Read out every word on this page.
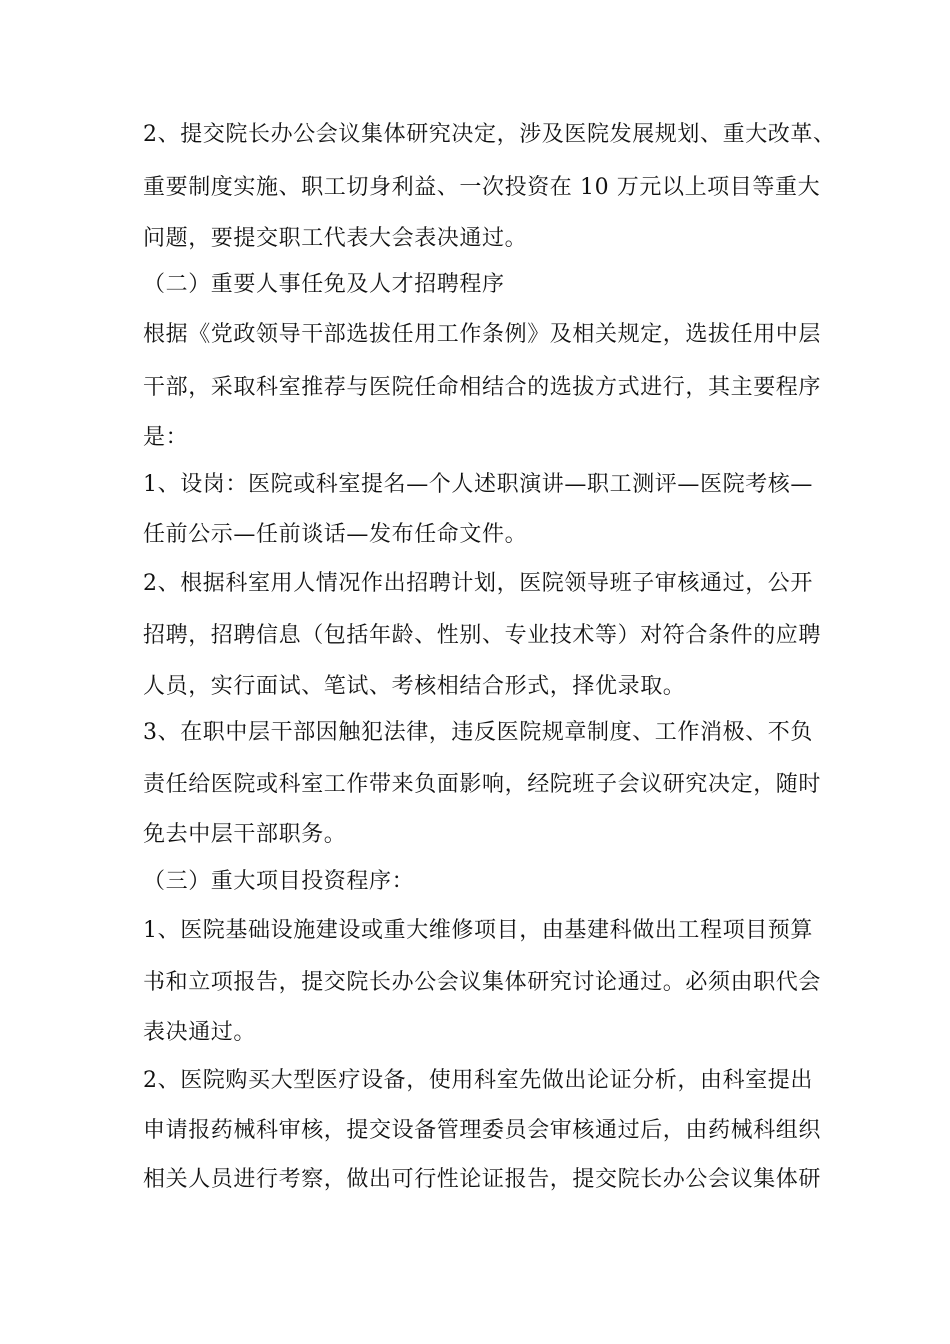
2、提交院长办公会议集体研究决定，涉及医院发展规划、重大改革、
重要制度实施、职工切身利益、一次投资在 10 万元以上项目等重大
问题，要提交职工代表大会表决通过。
（二）重要人事任免及人才招聘程序
根据《党政领导干部选拔任用工作条例》及相关规定，选拔任用中层
干部，采取科室推荐与医院任命相结合的选拔方式进行，其主要程序
是：
1、设岗：医院或科室提名—个人述职演讲—职工测评—医院考核—
任前公示—任前谈话—发布任命文件。
2、根据科室用人情况作出招聘计划，医院领导班子审核通过，公开
招聘，招聘信息（包括年龄、性别、专业技术等）对符合条件的应聘
人员，实行面试、笔试、考核相结合形式，择优录取。
3、在职中层干部因触犯法律，违反医院规章制度、工作消极、不负
责任给医院或科室工作带来负面影响，经院班子会议研究决定，随时
免去中层干部职务。
（三）重大项目投资程序：
1、医院基础设施建设或重大维修项目，由基建科做出工程项目预算
书和立项报告，提交院长办公会议集体研究讨论通过。必须由职代会
表决通过。
2、医院购买大型医疗设备，使用科室先做出论证分析，由科室提出
申请报药械科审核，提交设备管理委员会审核通过后，由药械科组织
相关人员进行考察，做出可行性论证报告，提交院长办公会议集体研
